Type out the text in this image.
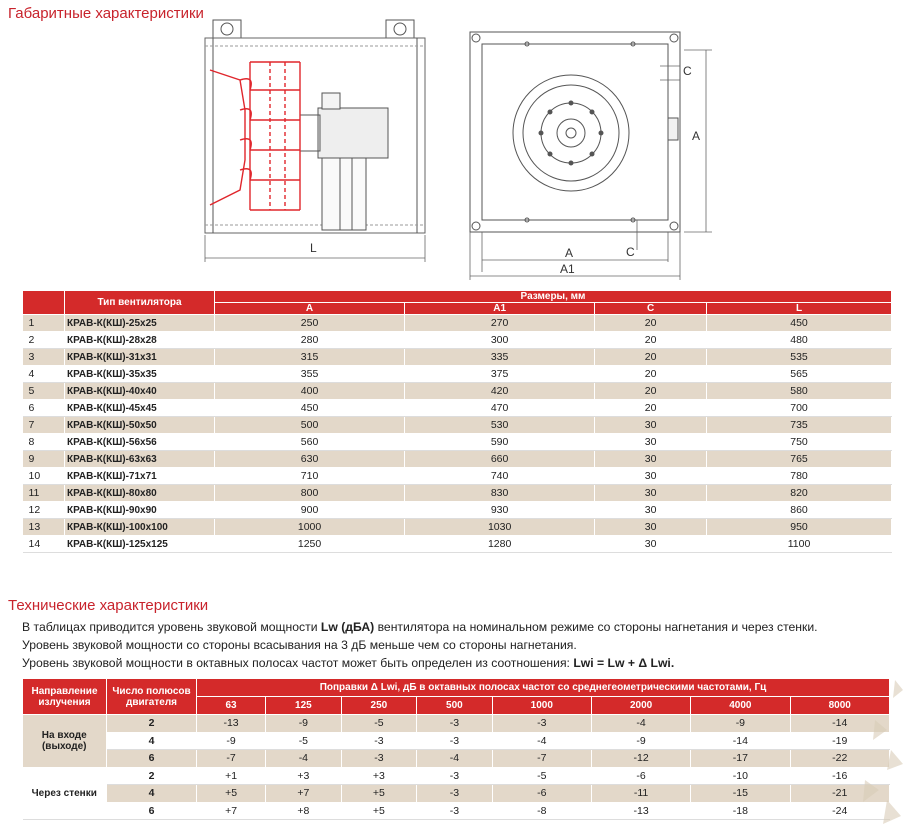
Габаритные характеристики
L
C
A
C
A
A1
	Тип вентилятора	Размеры, мм			
		A	A1	C	L
1	КРАВ-К(КШ)-25x25	250	270	20	450
2	КРАВ-К(КШ)-28x28	280	300	20	480
3	КРАВ-К(КШ)-31x31	315	335	20	535
4	КРАВ-К(КШ)-35x35	355	375	20	565
5	КРАВ-К(КШ)-40x40	400	420	20	580
6	КРАВ-К(КШ)-45x45	450	470	20	700
7	КРАВ-К(КШ)-50x50	500	530	30	735
8	КРАВ-К(КШ)-56x56	560	590	30	750
9	КРАВ-К(КШ)-63x63	630	660	30	765
10	КРАВ-К(КШ)-71x71	710	740	30	780
11	КРАВ-К(КШ)-80x80	800	830	30	820
12	КРАВ-К(КШ)-90x90	900	930	30	860
13	КРАВ-К(КШ)-100x100	1000	1030	30	950
14	КРАВ-К(КШ)-125x125	1250	1280	30	1100
Технические характеристики
В таблицах приводится уровень звуковой мощности Lw (дБА) вентилятора на номинальном режиме со стороны нагнетания и через стенки.
Уровень звуковой мощности со стороны всасывания на 3 дБ меньше чем со стороны нагнетания.
Уровень звуковой мощности в октавных полосах частот может быть определен из соотношения: Lwi = Lw + Δ Lwi.
Направление излучения	Число полюсов двигателя	Поправки Δ Lwi, дБ в октавных полосах частот со среднегеометрическими частотами, Гц							
		63	125	250	500	1000	2000	4000	8000
На входе (выходе)	2	-13	-9	-5	-3	-3	-4	-9	-14
	4	-9	-5	-3	-3	-4	-9	-14	-19
	6	-7	-4	-3	-4	-7	-12	-17	-22
Через стенки	2	+1	+3	+3	-3	-5	-6	-10	-16
	4	+5	+7	+5	-3	-6	-11	-15	-21
	6	+7	+8	+5	-3	-8	-13	-18	-24
